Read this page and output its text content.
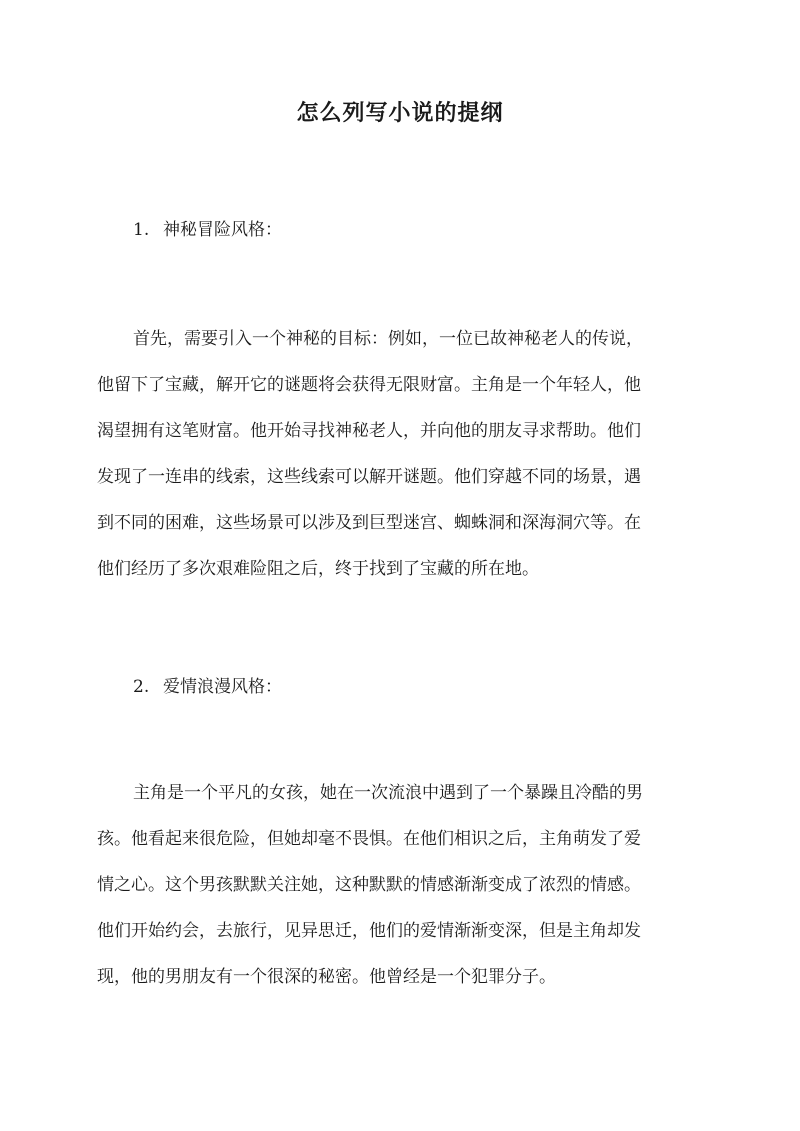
怎么列写小说的提纲
1. 神秘冒险风格：
首先，需要引入一个神秘的目标：例如，一位已故神秘老人的传说，
他留下了宝藏，解开它的谜题将会获得无限财富。主角是一个年轻人，他
渴望拥有这笔财富。他开始寻找神秘老人，并向他的朋友寻求帮助。他们
发现了一连串的线索，这些线索可以解开谜题。他们穿越不同的场景，遇
到不同的困难，这些场景可以涉及到巨型迷宫、蜘蛛洞和深海洞穴等。在
他们经历了多次艰难险阻之后，终于找到了宝藏的所在地。
2. 爱情浪漫风格：
主角是一个平凡的女孩，她在一次流浪中遇到了一个暴躁且冷酷的男
孩。他看起来很危险，但她却毫不畏惧。在他们相识之后，主角萌发了爱
情之心。这个男孩默默关注她，这种默默的情感渐渐变成了浓烈的情感。
他们开始约会，去旅行，见异思迁，他们的爱情渐渐变深，但是主角却发
现，他的男朋友有一个很深的秘密。他曾经是一个犯罪分子。
